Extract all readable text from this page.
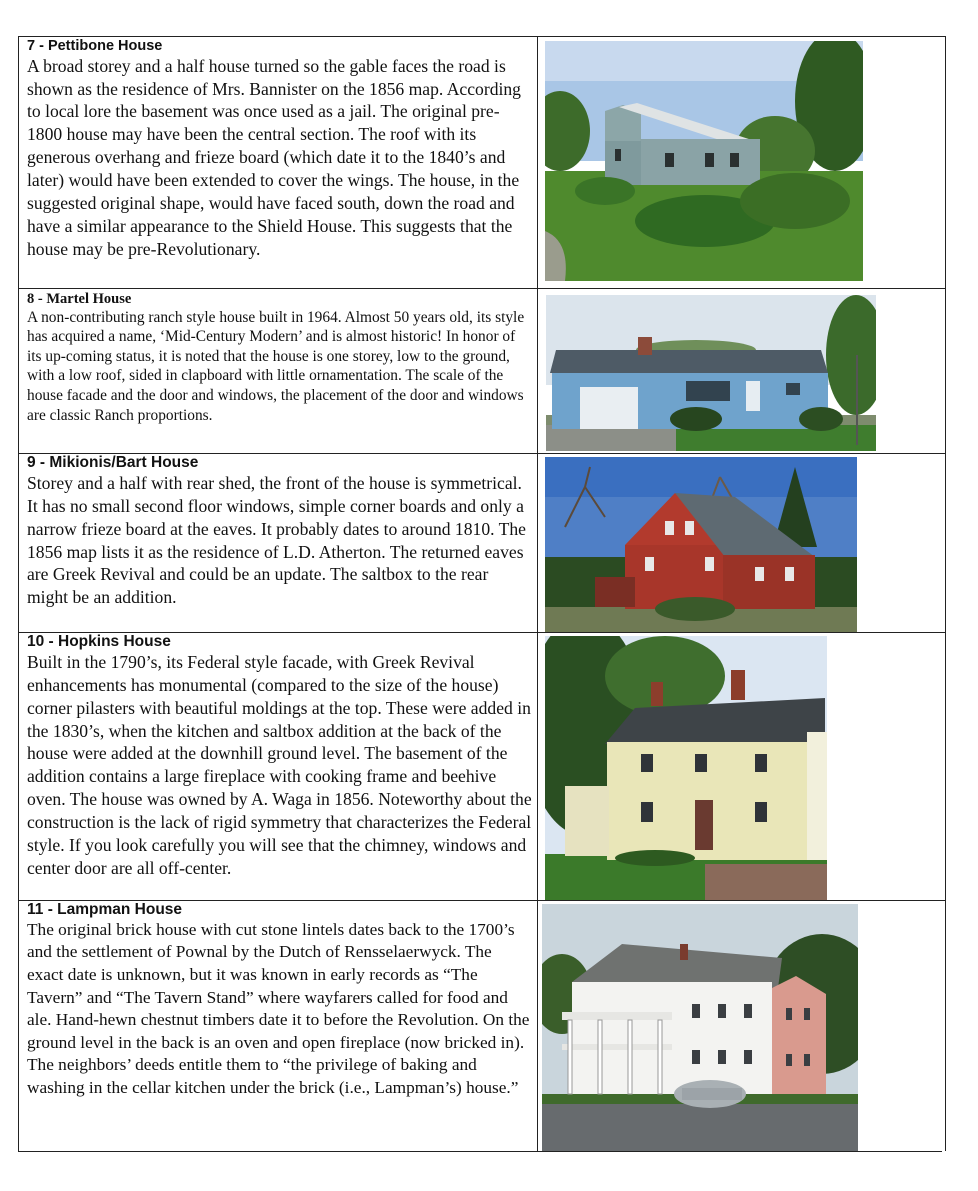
7 - Pettibone House

A broad storey and a half house turned so the gable faces the road is shown as the residence of Mrs. Bannister on the 1856 map. According to local lore the basement was once used as a jail. The original pre-1800 house may have been the central section. The roof with its generous overhang and frieze board (which date it to the 1840’s and later) would have been extended to cover the wings. The house, in the suggested original shape, would have faced south, down the road and have a similar appearance to the Shield House. This suggests that the house may be pre-Revolutionary.

8 - Martel House

A non-contributing ranch style house built in 1964. Almost 50 years old, its style has acquired a name, ‘Mid-Century Modern’ and is almost historic! In honor of its up-coming status, it is noted that the house is one storey, low to the ground, with a low roof, sided in clapboard with little ornamentation. The scale of the house facade and the door and windows, the placement of the door and windows are classic Ranch proportions.

9 - Mikionis/Bart House

Storey and a half with rear shed, the front of the house is symmetrical. It has no small second floor windows, simple corner boards and only a narrow frieze board at the eaves. It probably dates to around 1810. The 1856 map lists it as the residence of L.D. Atherton. The returned eaves are Greek Revival and could be an update. The saltbox to the rear might be an addition.

10 - Hopkins House

Built in the 1790’s, its Federal style facade, with Greek Revival enhancements has monumental (compared to the size of the house) corner pilasters with beautiful moldings at the top. These were added in the 1830’s, when the kitchen and saltbox addition at the back of the house were added at the downhill ground level. The basement of the addition contains a large fireplace with cooking frame and beehive oven. The house was owned by A. Waga in 1856. Noteworthy about the construction is the lack of rigid symmetry that characterizes the Federal style. If you look carefully you will see that the chimney, windows and center door are all off-center.

11 - Lampman House

The original brick house with cut stone lintels dates back to the 1700’s and the settlement of Pownal by the Dutch of Rensselaerwyck. The exact date is unknown, but it was known in early records as “The Tavern” and “The Tavern Stand” where wayfarers called for food and ale. Hand-hewn chestnut timbers date it to before the Revolution. On the ground level in the back is an oven and open fireplace (now bricked in). The neighbors’ deeds entitle them to “the privilege of baking and washing in the cellar kitchen under the brick (i.e., Lampman’s) house.”
